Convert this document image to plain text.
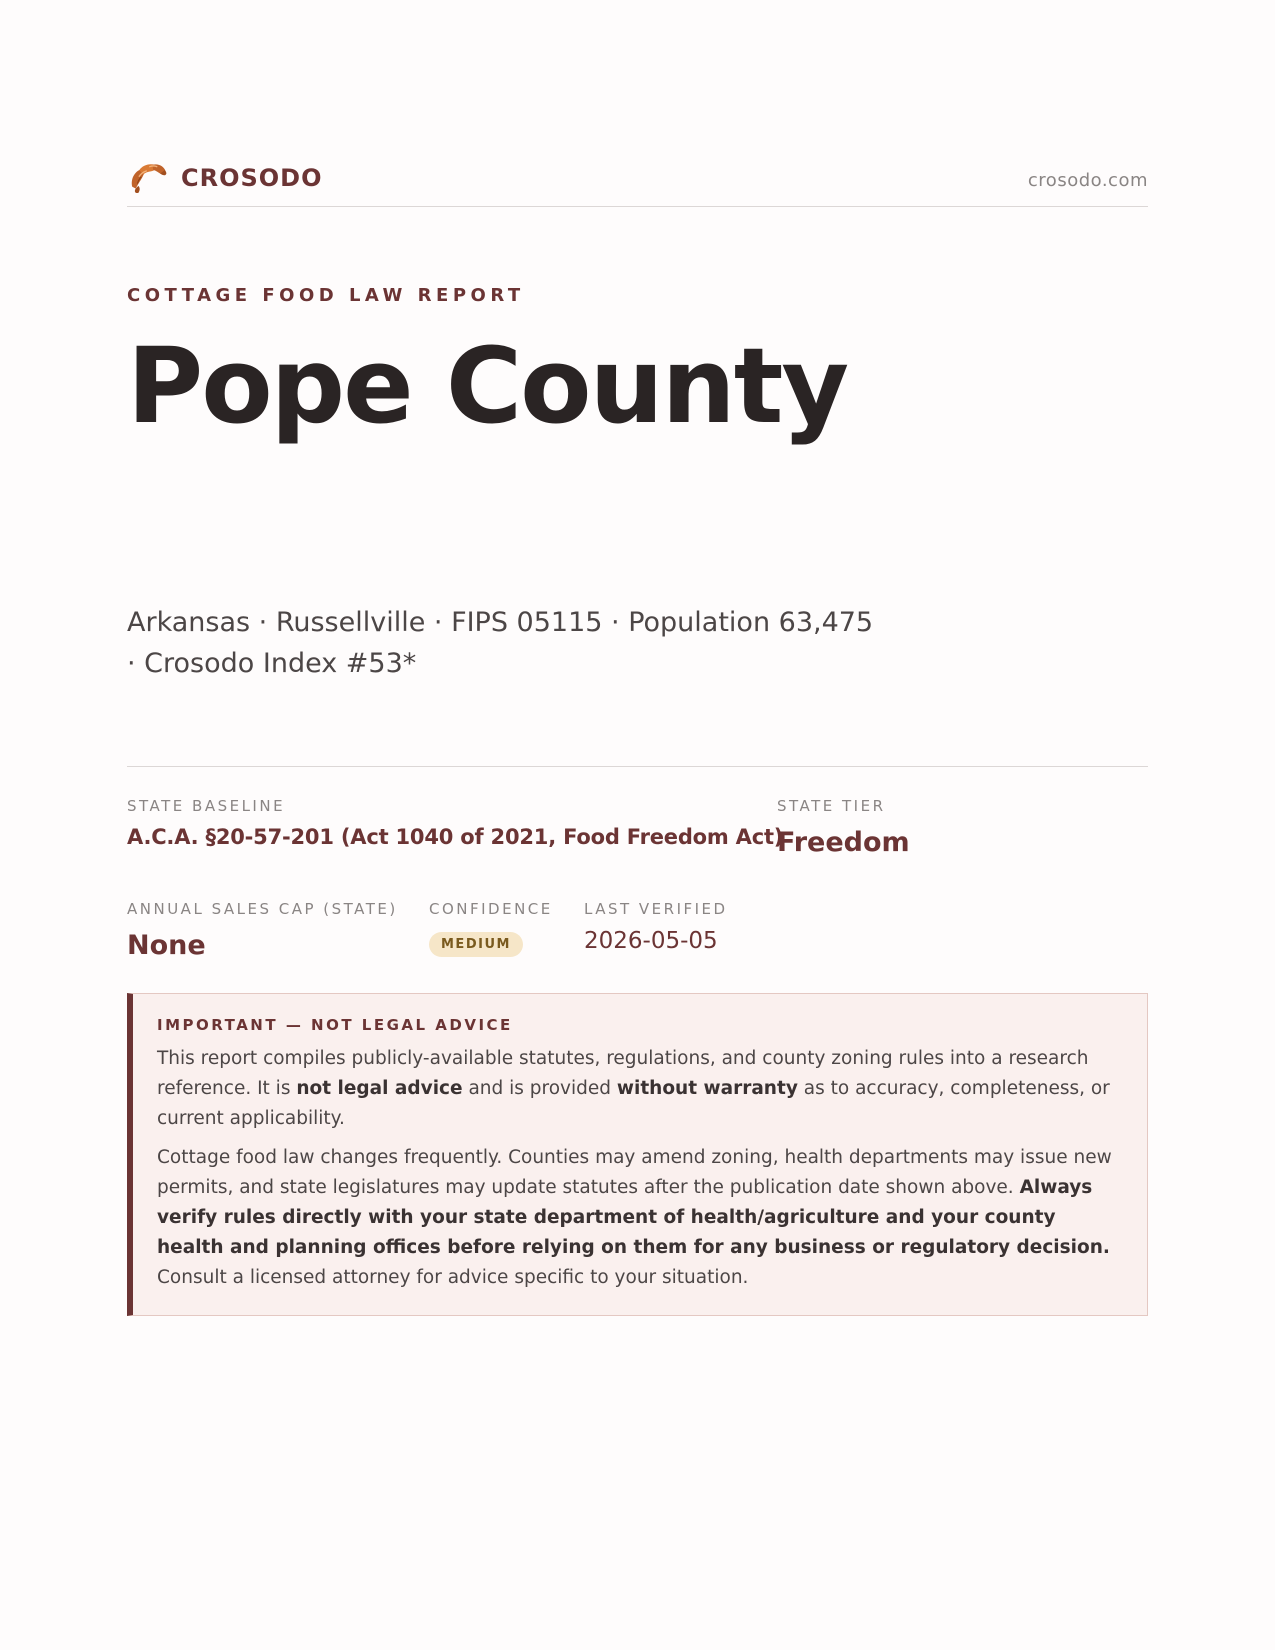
CROSODO	crosodo.com
COTTAGE FOOD LAW REPORT
Pope County
Arkansas · Russellville · FIPS 05115 · Population 63,475 · Crosodo Index #53*
STATE BASELINE
A.C.A. §20-57-201 (Act 1040 of 2021, Food Freedom Act)
STATE TIER
Freedom
ANNUAL SALES CAP (STATE)
None
CONFIDENCE
MEDIUM
LAST VERIFIED
2026-05-05
IMPORTANT — NOT LEGAL ADVICE

This report compiles publicly-available statutes, regulations, and county zoning rules into a research reference. It is not legal advice and is provided without warranty as to accuracy, completeness, or current applicability.

Cottage food law changes frequently. Counties may amend zoning, health departments may issue new permits, and state legislatures may update statutes after the publication date shown above. Always verify rules directly with your state department of health/agriculture and your county health and planning offices before relying on them for any business or regulatory decision. Consult a licensed attorney for advice specific to your situation.
